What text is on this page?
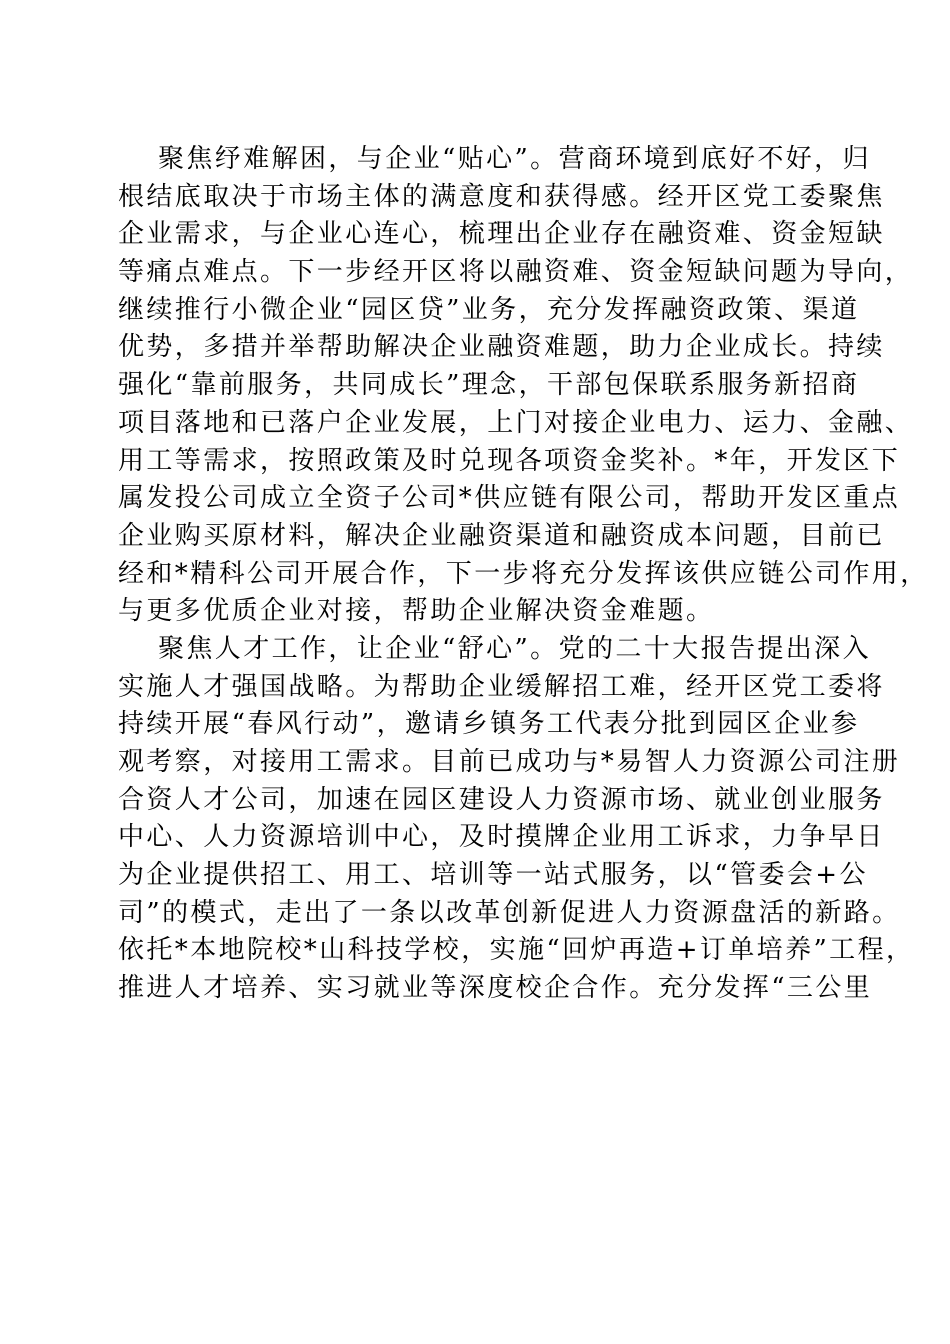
聚焦纾难解困，与企业“贴心”。营商环境到底好不好，归
根结底取决于市场主体的满意度和获得感。经开区党工委聚焦
企业需求，与企业心连心，梳理出企业存在融资难、资金短缺
等痛点难点。下一步经开区将以融资难、资金短缺问题为导向，
继续推行小微企业“园区贷”业务，充分发挥融资政策、渠道
优势，多措并举帮助解决企业融资难题，助力企业成长。持续
强化“靠前服务，共同成长”理念，干部包保联系服务新招商
项目落地和已落户企业发展，上门对接企业电力、运力、金融、
用工等需求，按照政策及时兑现各项资金奖补。*年，开发区下
属发投公司成立全资子公司*供应链有限公司，帮助开发区重点
企业购买原材料，解决企业融资渠道和融资成本问题，目前已
经和*精科公司开展合作，下一步将充分发挥该供应链公司作用，
与更多优质企业对接，帮助企业解决资金难题。
聚焦人才工作，让企业“舒心”。党的二十大报告提出深入
实施人才强国战略。为帮助企业缓解招工难，经开区党工委将
持续开展“春风行动”，邀请乡镇务工代表分批到园区企业参
观考察，对接用工需求。目前已成功与*易智人力资源公司注册
合资人才公司，加速在园区建设人力资源市场、就业创业服务
中心、人力资源培训中心，及时摸牌企业用工诉求，力争早日
为企业提供招工、用工、培训等一站式服务，以“管委会+公
司”的模式，走出了一条以改革创新促进人力资源盘活的新路。
依托*本地院校*山科技学校，实施“回炉再造+订单培养”工程，
推进人才培养、实习就业等深度校企合作。充分发挥“三公里
